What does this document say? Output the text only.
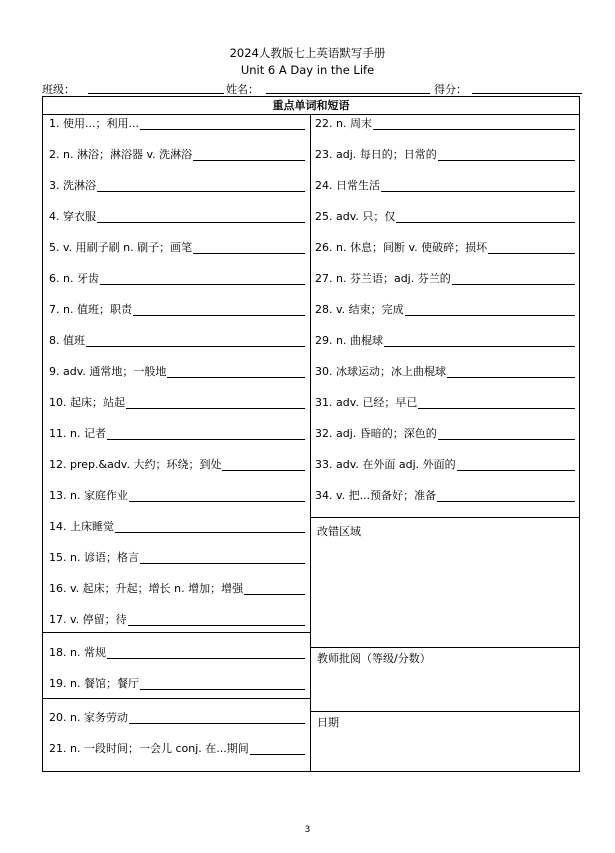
2024人教版七上英语默写手册
Unit 6 A Day in the Life
班级：	姓名：	得分：
重点单词和短语
1. 使用...；利用...
2. n. 淋浴；淋浴器 v. 洗淋浴
3. 洗淋浴
4. 穿衣服
5. v. 用刷子刷 n. 刷子；画笔
6. n. 牙齿
7. n. 值班；职责
8. 值班
9. adv. 通常地；一般地
10. 起床；站起
11. n. 记者
12. prep.&adv. 大约；环绕；到处
13. n. 家庭作业
14. 上床睡觉
15. n. 谚语；格言
16. v. 起床；升起；增长 n. 增加；增强
17. v. 停留；待
18. n. 常规
19. n. 餐馆；餐厅
20. n. 家务劳动
21. n. 一段时间；一会儿 conj. 在...期间
22. n. 周末
23. adj. 每日的；日常的
24. 日常生活
25. adv. 只；仅
26. n. 休息；间断 v. 使破碎；损坏
27. n. 芬兰语；adj. 芬兰的
28. v. 结束；完成
29. n. 曲棍球
30. 冰球运动；冰上曲棍球
31. adv. 已经；早已
32. adj. 昏暗的；深色的
33. adv. 在外面 adj. 外面的
34. v. 把...预备好；准备
改错区域
教师批阅（等级/分数）
日期
3
